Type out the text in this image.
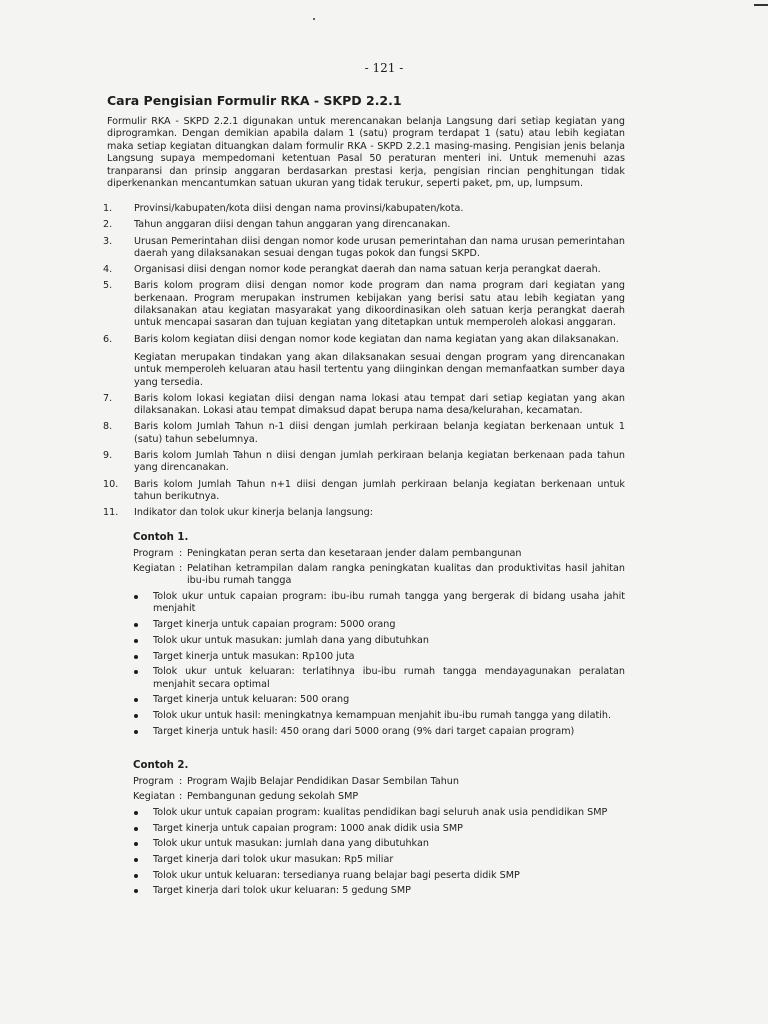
- 121 -
Cara Pengisian Formulir RKA - SKPD 2.2.1

Formulir RKA - SKPD 2.2.1 digunakan untuk merencanakan belanja Langsung dari setiap kegiatan yang diprogramkan. Dengan demikian apabila dalam 1 (satu) program terdapat 1 (satu) atau lebih kegiatan maka setiap kegiatan dituangkan dalam formulir RKA - SKPD 2.2.1 masing-masing. Pengisian jenis belanja Langsung supaya mempedomani ketentuan Pasal 50 peraturan menteri ini. Untuk memenuhi azas tranparansi dan prinsip anggaran berdasarkan prestasi kerja, pengisian rincian penghitungan tidak diperkenankan mencantumkan satuan ukuran yang tidak terukur, seperti paket, pm, up, lumpsum.

1. Provinsi/kabupaten/kota diisi dengan nama provinsi/kabupaten/kota.
2. Tahun anggaran diisi dengan tahun anggaran yang direncanakan.
3. Urusan Pemerintahan diisi dengan nomor kode urusan pemerintahan dan nama urusan pemerintahan daerah yang dilaksanakan sesuai dengan tugas pokok dan fungsi SKPD.
4. Organisasi diisi dengan nomor kode perangkat daerah dan nama satuan kerja perangkat daerah.
5. Baris kolom program diisi dengan nomor kode program dan nama program dari kegiatan yang berkenaan. Program merupakan instrumen kebijakan yang berisi satu atau lebih kegiatan yang dilaksanakan atau kegiatan masyarakat yang dikoordinasikan oleh satuan kerja perangkat daerah untuk mencapai sasaran dan tujuan kegiatan yang ditetapkan untuk memperoleh alokasi anggaran.
6. Baris kolom kegiatan diisi dengan nomor kode kegiatan dan nama kegiatan yang akan dilaksanakan.
Kegiatan merupakan tindakan yang akan dilaksanakan sesuai dengan program yang direncanakan untuk memperoleh keluaran atau hasil tertentu yang diinginkan dengan memanfaatkan sumber daya yang tersedia.
7. Baris kolom lokasi kegiatan diisi dengan nama lokasi atau tempat dari setiap kegiatan yang akan dilaksanakan. Lokasi atau tempat dimaksud dapat berupa nama desa/kelurahan, kecamatan.
8. Baris kolom Jumlah Tahun n-1 diisi dengan jumlah perkiraan belanja kegiatan berkenaan untuk 1 (satu) tahun sebelumnya.
9. Baris kolom Jumlah Tahun n diisi dengan jumlah perkiraan belanja kegiatan berkenaan pada tahun yang direncanakan.
10. Baris kolom Jumlah Tahun n+1 diisi dengan jumlah perkiraan belanja kegiatan berkenaan untuk tahun berikutnya.
11. Indikator dan tolok ukur kinerja belanja langsung:
Contoh 1.
Program : Peningkatan peran serta dan kesetaraan jender dalam pembangunan
Kegiatan : Pelatihan ketrampilan dalam rangka peningkatan kualitas dan produktivitas hasil jahitan ibu-ibu rumah tangga
Tolok ukur untuk capaian program: ibu-ibu rumah tangga yang bergerak di bidang usaha jahit menjahit
Target kinerja untuk capaian program: 5000 orang
Tolok ukur untuk masukan: jumlah dana yang dibutuhkan
Target kinerja untuk masukan: Rp100 juta
Tolok ukur untuk keluaran: terlatihnya ibu-ibu rumah tangga mendayagunakan peralatan menjahit secara optimal
Target kinerja untuk keluaran: 500 orang
Tolok ukur untuk hasil: meningkatnya kemampuan menjahit ibu-ibu rumah tangga yang dilatih.
Target kinerja untuk hasil: 450 orang dari 5000 orang (9% dari target capaian program)
Contoh 2.
Program : Program Wajib Belajar Pendidikan Dasar Sembilan Tahun
Kegiatan : Pembangunan gedung sekolah SMP
Tolok ukur untuk capaian program: kualitas pendidikan bagi seluruh anak usia pendidikan SMP
Target kinerja untuk capaian program: 1000 anak didik usia SMP
Tolok ukur untuk masukan: jumlah dana yang dibutuhkan
Target kinerja dari tolok ukur masukan: Rp5 miliar
Tolok ukur untuk keluaran: tersedianya ruang belajar bagi peserta didik SMP
Target kinerja dari tolok ukur keluaran: 5 gedung SMP
